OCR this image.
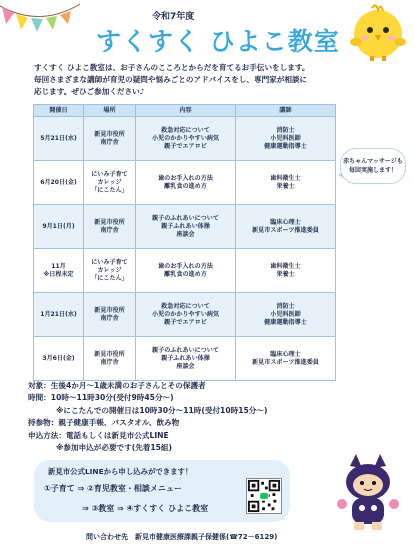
令和7年度
すくすく ひよこ教室

すくすく ひよこ教室は、お子さんのこころとからだを育てるお手伝いをします。

毎回さまざまな講師が育児の疑問や悩みごとのアドバイスをし、専門家が相談に

応じます。ぜひご参加ください♪

開催日	場所	内容	講師

5月21日(水)	新見市役所
南庁舎	救急対応について
小児のかかりやすい病気
親子でエアロビ	消防士
小児科医師
健康運動指導士

6月20日(金)	にいみ子育て
カレッジ
「にこたん」	歯のお手入れの方法
離乳食の進め方	歯科衛生士
栄養士

9月1日(月)	新見市役所
南庁舎	親子のふれあいについて
親子ふれあい体操
座談会	臨床心理士
新見市スポーツ推進委員

11月
※日程未定	にいみ子育て
カレッジ
「にこたん」	歯のお手入れの方法
離乳食の進め方	歯科衛生士
栄養士

1月21日(水)	新見市役所
南庁舎	救急対応について
小児のかかりやすい病気
親子でエアロビ	消防士
小児科医師
健康運動指導士

3月6日(金)	新見市役所
南庁舎	親子のふれあいについて
親子ふれあい体操
座談会	臨床心理士
新見市スポーツ推進委員
赤ちゃんマッサージも
毎回実施します！
対象：生後4か月～1歳未満のお子さんとその保護者
時間：10時～11時30分(受付9時45分～)
※にこたんでの開催日は10時30分～11時(受付10時15分～)
持参物：親子健康手帳、バスタオル、飲み物
申込方法：電話もしくは新見市公式LINE
※参加申込が必要です(先着15組)
新見市公式LINEから申し込みができます！
①子育て ⇒ ②育児教室・相談メニュー
⇒ ③教室 ⇒ ④すくすく ひよこ教室
問い合わせ先　新見市健康医療課親子保健係(☎72－6129)
